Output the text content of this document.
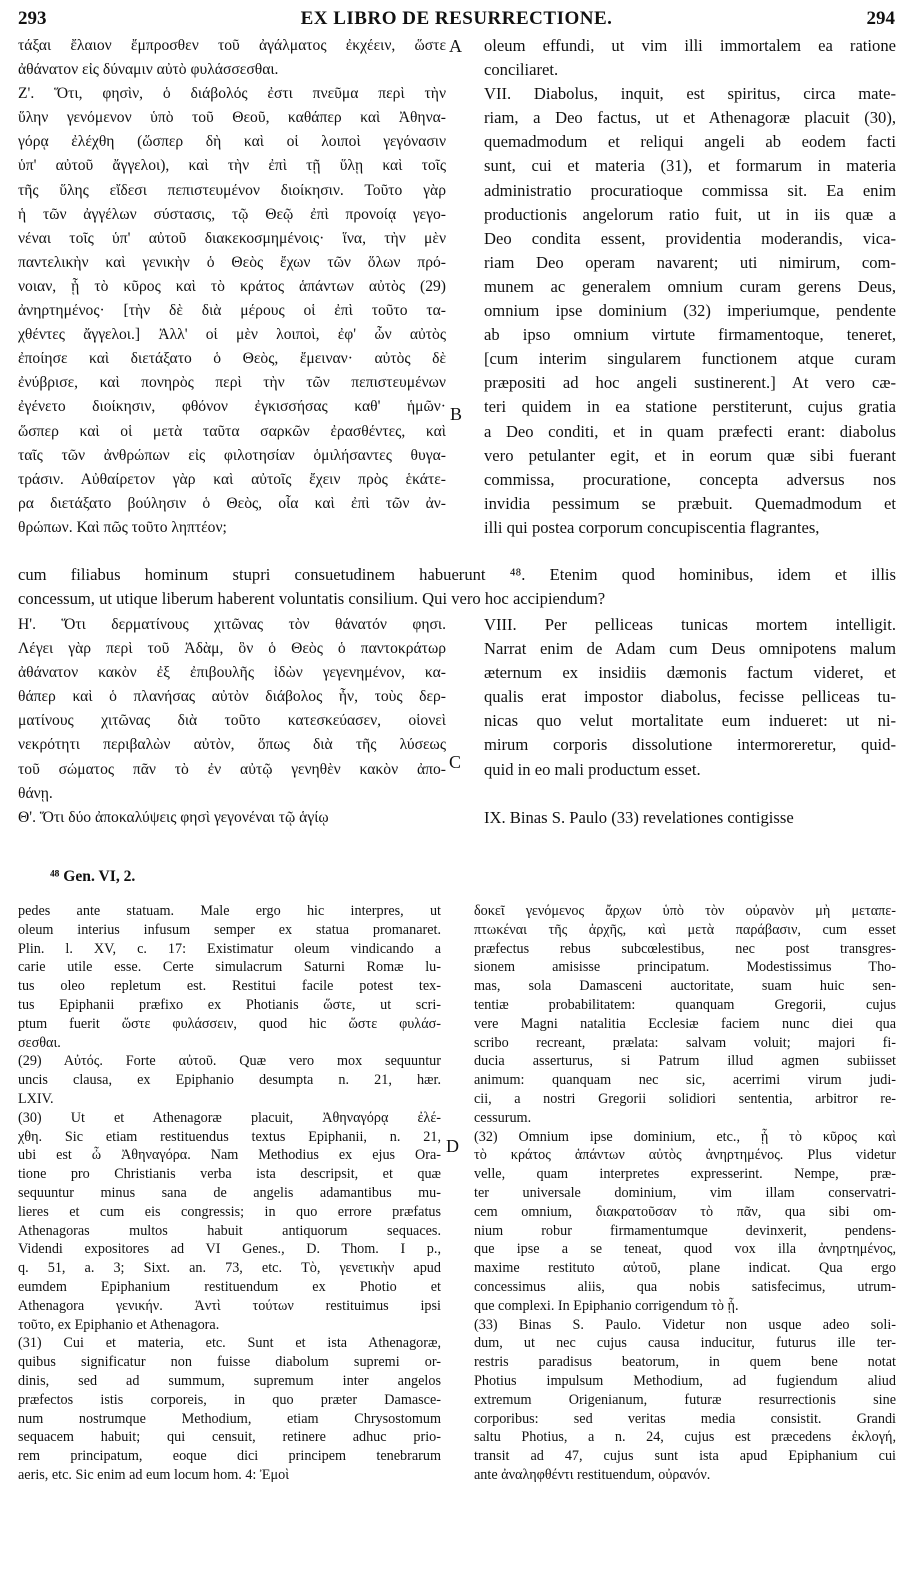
293	EX LIBRO DE RESURRECTIONE.	294
A
B
C
D
τάξαι ἔλαιον ἔμπροσθεν τοῦ ἀγάλματος ἐκχέειν, ὥστε
ἀθάνατον εἰς δύναμιν αὐτὸ φυλάσσεσθαι.
Ζ'. Ὅτι, φησὶν, ὁ διάβολός ἐστι πνεῦμα περὶ τὴν
ὕλην γενόμενον ὑπὸ τοῦ Θεοῦ, καθάπερ καὶ Ἀθηνα-
γόρᾳ ἐλέχθη (ὥσπερ δὴ καὶ οἱ λοιποὶ γεγόνασιν
ὑπ' αὐτοῦ ἄγγελοι), καὶ τὴν ἐπὶ τῇ ὕλῃ καὶ τοῖς
τῆς ὕλης εἴδεσι πεπιστευμένον διοίκησιν. Τοῦτο γὰρ
ἡ τῶν ἀγγέλων σύστασις, τῷ Θεῷ ἐπὶ προνοίᾳ γεγο-
νέναι τοῖς ὑπ' αὐτοῦ διακεκοσμημένοις· ἵνα, τὴν μὲν
παντελικὴν καὶ γενικὴν ὁ Θεὸς ἔχων τῶν ὅλων πρό-
νοιαν, ᾗ τὸ κῦρος καὶ τὸ κράτος ἁπάντων αὐτὸς (29)
ἀνηρτημένος· [τὴν δὲ διὰ μέρους οἱ ἐπὶ τοῦτο τα-
χθέντες ἄγγελοι.] Ἀλλ' οἱ μὲν λοιποὶ, ἐφ' ὧν αὐτὸς
ἐποίησε καὶ διετάξατο ὁ Θεὸς, ἔμειναν· αὐτὸς δὲ
ἐνύβρισε, καὶ πονηρὸς περὶ τὴν τῶν πεπιστευμένων
ἐγένετο διοίκησιν, φθόνον ἐγκισσήσας καθ' ἡμῶν·
ὥσπερ καὶ οἱ μετὰ ταῦτα σαρκῶν ἐρασθέντες, καὶ
ταῖς τῶν ἀνθρώπων εἰς φιλοτησίαν ὁμιλήσαντες θυγα-
τράσιν. Αὐθαίρετον γὰρ καὶ αὐτοῖς ἔχειν πρὸς ἑκάτε-
ρα διετάξατο βούλησιν ὁ Θεὸς, οἷα καὶ ἐπὶ τῶν ἀν-
θρώπων. Καὶ πῶς τοῦτο ληπτέον;
oleum effundi, ut vim illi immortalem ea ratione
conciliaret.
VII. Diabolus, inquit, est spiritus, circa mate-
riam, a Deo factus, ut et Athenagoræ placuit (30),
quemadmodum et reliqui angeli ab eodem facti
sunt, cui et materia (31), et formarum in materia
administratio procuratioque commissa sit. Ea enim
productionis angelorum ratio fuit, ut in iis quæ a
Deo condita essent, providentia moderandis, vica-
riam Deo operam navarent; uti nimirum, com-
munem ac generalem omnium curam gerens Deus,
omnium ipse dominium (32) imperiumque, pendente
ab ipso omnium virtute firmamentoque, teneret,
[cum interim singularem functionem atque curam
præpositi ad hoc angeli sustinerent.] At vero cæ-
teri quidem in ea statione perstiterunt, cujus gratia
a Deo conditi, et in quam præfecti erant: diabolus
vero petulanter egit, et in eorum quæ sibi fuerant
commissa, procuratione, concepta adversus nos
invidia pessimum se præbuit. Quemadmodum et
illi qui postea corporum concupiscentia flagrantes,
cum filiabus hominum stupri consuetudinem habuerunt ⁴⁸. Etenim quod hominibus, idem et illis
concessum, ut utique liberum haberent voluntatis consilium. Qui vero hoc accipiendum?
Η'. Ὅτι δερματίνους χιτῶνας τὸν θάνατόν φησι.
Λέγει γὰρ περὶ τοῦ Ἀδὰμ, ὃν ὁ Θεὸς ὁ παντοκράτωρ
ἀθάνατον κακὸν ἐξ ἐπιβουλῆς ἰδὼν γεγενημένον, κα-
θάπερ καὶ ὁ πλανήσας αὐτὸν διάβολος ἦν, τοὺς δερ-
ματίνους χιτῶνας διὰ τοῦτο κατεσκεύασεν, οἱονεὶ
νεκρότητι περιβαλὼν αὐτὸν, ὅπως διὰ τῆς λύσεως
τοῦ σώματος πᾶν τὸ ἐν αὐτῷ γενηθὲν κακὸν ἀπο-
θάνῃ.
Θ'. Ὅτι δύο ἀποκαλύψεις φησὶ γεγονέναι τῷ ἁγίῳ
VIII. Per pelliceas tunicas mortem intelligit.
Narrat enim de Adam cum Deus omnipotens malum
æternum ex insidiis dæmonis factum videret, et
qualis erat impostor diabolus, fecisse pelliceas tu-
nicas quo velut mortalitate eum indueret: ut ni-
mirum corporis dissolutione intermoreretur, quid-
quid in eo mali productum esset.
IX. Binas S. Paulo (33) revelationes contigisse
⁴⁸ Gen. VI, 2.
pedes ante statuam. Male ergo hic interpres, ut
oleum interius infusum semper ex statua promanaret.
Plin. l. XV, c. 17: Existimatur oleum vindicando a
carie utile esse. Certe simulacrum Saturni Romæ lu-
tus oleo repletum est. Restitui facile potest tex-
tus Epiphanii præfixo ex Photianis ὥστε, ut scri-
ptum fuerit ὥστε φυλάσσειν, quod hic ὥστε φυλάσ-
σεσθαι.
(29) Αὐτός. Forte αὐτοῦ. Quæ vero mox sequuntur
uncis clausa, ex Epiphanio desumpta n. 21, hær.
LXIV.
(30) Ut et Athenagoræ placuit, Ἀθηναγόρᾳ ἐλέ-
χθη. Sic etiam restituendus textus Epiphanii, n. 21,
ubi est ὦ Ἀθηναγόρα. Nam Methodius ex ejus Ora-
tione pro Christianis verba ista descripsit, et quæ
sequuntur minus sana de angelis adamantibus mu-
lieres et cum eis congressis; in quo errore præfatus
Athenagoras multos habuit antiquorum sequaces.
Videndi expositores ad VI Genes., D. Thom. I p.,
q. 51, a. 3; Sixt. an. 73, etc. Τὸ, γενετικὴν apud
eumdem Epiphanium restituendum ex Photio et
Athenagora γενικήν. Ἀντὶ τούτων restituimus ipsi
τοῦτο, ex Epiphanio et Athenagora.
(31) Cui et materia, etc. Sunt et ista Athenagoræ,
quibus significatur non fuisse diabolum supremi or-
dinis, sed ad summum, supremum inter angelos
præfectos istis corporeis, in quo præter Damasce-
num nostrumque Methodium, etiam Chrysostomum
sequacem habuit; qui censuit, retinere adhuc prio-
rem principatum, eoque dici principem tenebrarum
aeris, etc. Sic enim ad eum locum hom. 4: Ἐμοὶ
δοκεῖ γενόμενος ἄρχων ὑπὸ τὸν οὐρανὸν μὴ μεταπε-
πτωκέναι τῆς ἀρχῆς, καὶ μετὰ παράβασιν, cum esset
præfectus rebus subcœlestibus, nec post transgres-
sionem amisisse principatum. Modestissimus Tho-
mas, sola Damasceni auctoritate, suam huic sen-
tentiæ probabilitatem: quanquam Gregorii, cujus
vere Magni natalitia Ecclesiæ faciem nunc diei qua
scribo recreant, prælata: salvam voluit; majori fi-
ducia asserturus, si Patrum illud agmen subiisset
animum: quanquam nec sic, acerrimi virum judi-
cii, a nostri Gregorii solidiori sententia, arbitror re-
cessurum.
(32) Omnium ipse dominium, etc., ᾗ τὸ κῦρος καὶ
τὸ κράτος ἁπάντων αὐτὸς ἀνηρτημένος. Plus videtur
velle, quam interpretes expresserint. Nempe, præ-
ter universale dominium, vim illam conservatri-
cem omnium, διακρατοῦσαν τὸ πᾶν, qua sibi om-
nium robur firmamentumque devinxerit, pendens-
que ipse a se teneat, quod vox illa ἀνηρτημένος,
maxime restituto αὐτοῦ, plane indicat. Qua ergo
concessimus aliis, qua nobis satisfecimus, utrum-
que complexi. In Epiphanio corrigendum τὸ ᾗ.
(33) Binas S. Paulo. Videtur non usque adeo soli-
dum, ut nec cujus causa inducitur, futurus ille ter-
restris paradisus beatorum, in quem bene notat
Photius impulsum Methodium, ad fugiendum aliud
extremum Origenianum, futuræ resurrectionis sine
corporibus: sed veritas media consistit. Grandi
saltu Photius, a n. 24, cujus est præcedens ἐκλογή,
transit ad 47, cujus sunt ista apud Epiphanium cui
ante ἀναληφθέντι restituendum, οὐρανόν.
